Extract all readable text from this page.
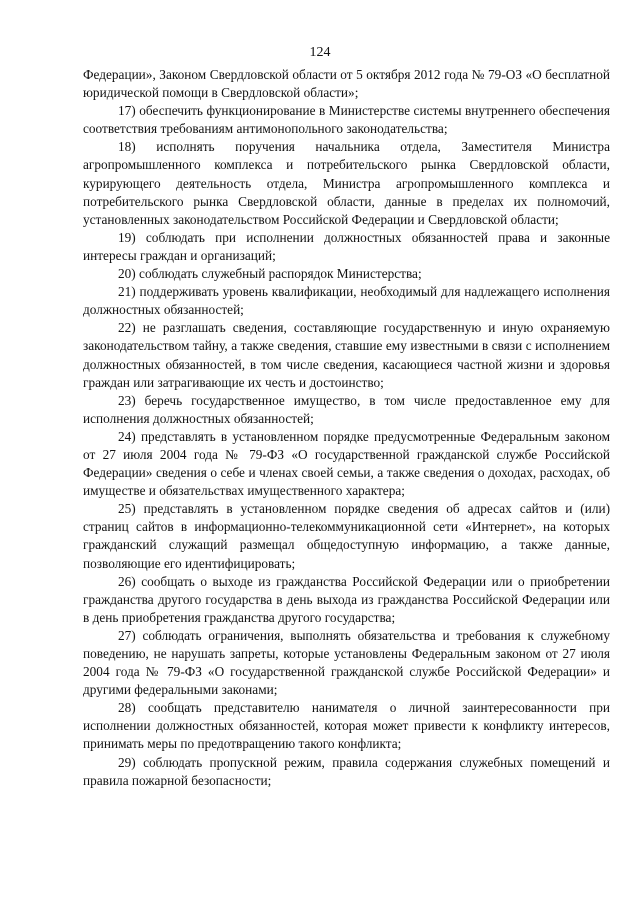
124

Федерации», Законом Свердловской области от 5 октября 2012 года № 79-ОЗ «О бесплатной юридической помощи в Свердловской области»;

17) обеспечить функционирование в Министерстве системы внутреннего обеспечения соответствия требованиям антимонопольного законодательства;

18) исполнять поручения начальника отдела, Заместителя Министра агропромышленного комплекса и потребительского рынка Свердловской области, курирующего деятельность отдела, Министра агропромышленного комплекса и потребительского рынка Свердловской области, данные в пределах их полномочий, установленных законодательством Российской Федерации и Свердловской области;

19) соблюдать при исполнении должностных обязанностей права и законные интересы граждан и организаций;

20) соблюдать служебный распорядок Министерства;

21) поддерживать уровень квалификации, необходимый для надлежащего исполнения должностных обязанностей;

22) не разглашать сведения, составляющие государственную и иную охраняемую законодательством тайну, а также сведения, ставшие ему известными в связи с исполнением должностных обязанностей, в том числе сведения, касающиеся частной жизни и здоровья граждан или затрагивающие их честь и достоинство;

23) беречь государственное имущество, в том числе предоставленное ему для исполнения должностных обязанностей;

24) представлять в установленном порядке предусмотренные Федеральным законом от 27 июля 2004 года № 79-ФЗ «О государственной гражданской службе Российской Федерации» сведения о себе и членах своей семьи, а также сведения о доходах, расходах, об имуществе и обязательствах имущественного характера;

25) представлять в установленном порядке сведения об адресах сайтов и (или) страниц сайтов в информационно-телекоммуникационной сети «Интернет», на которых гражданский служащий размещал общедоступную информацию, а также данные, позволяющие его идентифицировать;

26) сообщать о выходе из гражданства Российской Федерации или о приобретении гражданства другого государства в день выхода из гражданства Российской Федерации или в день приобретения гражданства другого государства;

27) соблюдать ограничения, выполнять обязательства и требования к служебному поведению, не нарушать запреты, которые установлены Федеральным законом от 27 июля 2004 года № 79-ФЗ «О государственной гражданской службе Российской Федерации» и другими федеральными законами;

28) сообщать представителю нанимателя о личной заинтересованности при исполнении должностных обязанностей, которая может привести к конфликту интересов, принимать меры по предотвращению такого конфликта;

29) соблюдать пропускной режим, правила содержания служебных помещений и правила пожарной безопасности;
